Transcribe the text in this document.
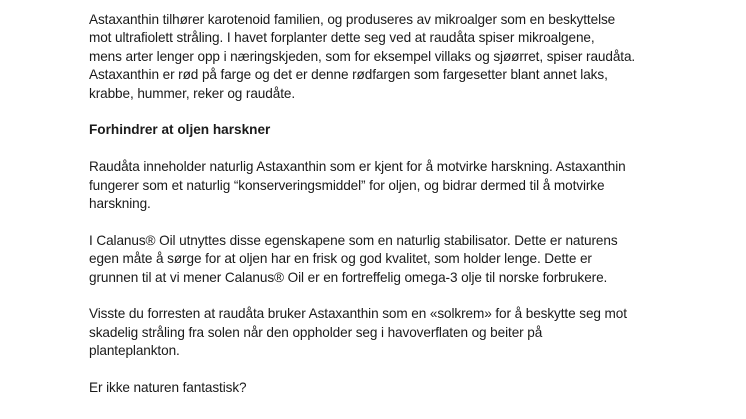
Astaxanthin tilhører karotenoid familien, og produseres av mikroalger som en beskyttelse
mot ultrafiolett stråling. I havet forplanter dette seg ved at raudåta spiser mikroalgene,
mens arter lenger opp i næringskjeden, som for eksempel villaks og sjøørret, spiser raudåta.
Astaxanthin er rød på farge og det er denne rødfargen som fargesetter blant annet laks,
krabbe, hummer, reker og raudåte.

Forhindrer at oljen harskner

Raudåta inneholder naturlig Astaxanthin som er kjent for å motvirke harskning. Astaxanthin
fungerer som et naturlig “konserveringsmiddel” for oljen, og bidrar dermed til å motvirke
harskning.

I Calanus® Oil utnyttes disse egenskapene som en naturlig stabilisator. Dette er naturens
egen måte å sørge for at oljen har en frisk og god kvalitet, som holder lenge. Dette er
grunnen til at vi mener Calanus® Oil er en fortreffelig omega-3 olje til norske forbrukere.

Visste du forresten at raudåta bruker Astaxanthin som en «solkrem» for å beskytte seg mot
skadelig stråling fra solen når den oppholder seg i havoverflaten og beiter på
planteplankton.

Er ikke naturen fantastisk?
